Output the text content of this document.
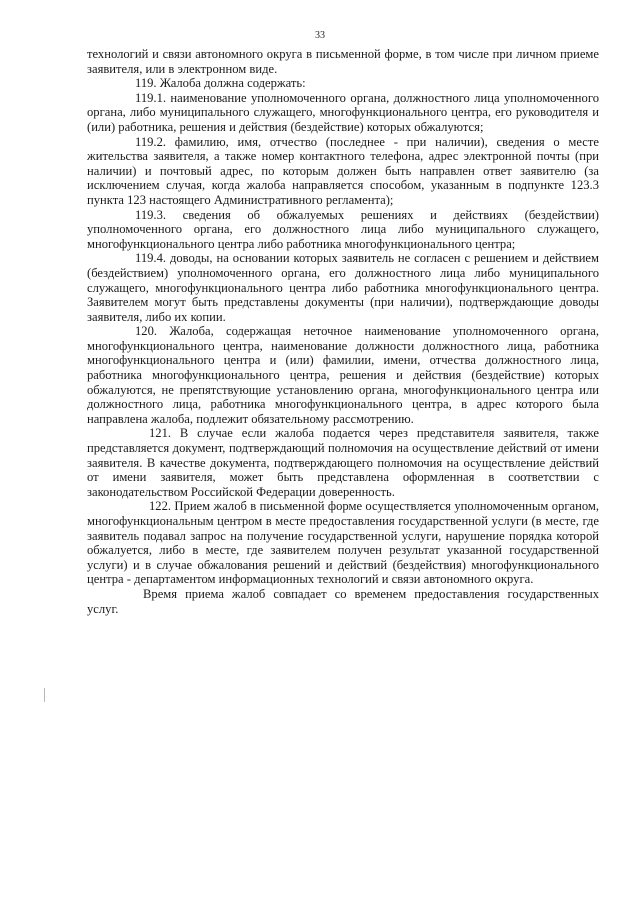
33

технологий и связи автономного округа в письменной форме, в том числе при личном приеме заявителя, или в электронном виде.

119. Жалоба должна содержать:

119.1. наименование уполномоченного органа, должностного лица уполномоченного органа, либо муниципального служащего, многофункционального центра, его руководителя и (или) работника, решения и действия (бездействие) которых обжалуются;

119.2. фамилию, имя, отчество (последнее - при наличии), сведения о месте жительства заявителя, а также номер контактного телефона, адрес электронной почты (при наличии) и почтовый адрес, по которым должен быть направлен ответ заявителю (за исключением случая, когда жалоба направляется способом, указанным в подпункте 123.3 пункта 123 настоящего Административного регламента);

119.3. сведения об обжалуемых решениях и действиях (бездействии) уполномоченного органа, его должностного лица либо муниципального служащего, многофункционального центра либо работника многофункционального центра;

119.4. доводы, на основании которых заявитель не согласен с решением и действием (бездействием) уполномоченного органа, его должностного лица либо муниципального служащего, многофункционального центра либо работника многофункционального центра. Заявителем могут быть представлены документы (при наличии), подтверждающие доводы заявителя, либо их копии.

120. Жалоба, содержащая неточное наименование уполномоченного органа, многофункционального центра, наименование должности должностного лица, работника многофункционального центра и (или) фамилии, имени, отчества должностного лица, работника многофункционального центра, решения и действия (бездействие) которых обжалуются, не препятствующие установлению органа, многофункционального центра или должностного лица, работника многофункционального центра, в адрес которого была направлена жалоба, подлежит обязательному рассмотрению.

121. В случае если жалоба подается через представителя заявителя, также представляется документ, подтверждающий полномочия на осуществление действий от имени заявителя. В качестве документа, подтверждающего полномочия на осуществление действий от имени заявителя, может быть представлена оформленная в соответствии с законодательством Российской Федерации доверенность.

122. Прием жалоб в письменной форме осуществляется уполномоченным органом, многофункциональным центром в месте предоставления государственной услуги (в месте, где заявитель подавал запрос на получение государственной услуги, нарушение порядка которой обжалуется, либо в месте, где заявителем получен результат указанной государственной услуги) и в случае обжалования решений и действий (бездействия) многофункционального центра - департаментом информационных технологий и связи автономного округа.

Время приема жалоб совпадает со временем предоставления государственных услуг.
